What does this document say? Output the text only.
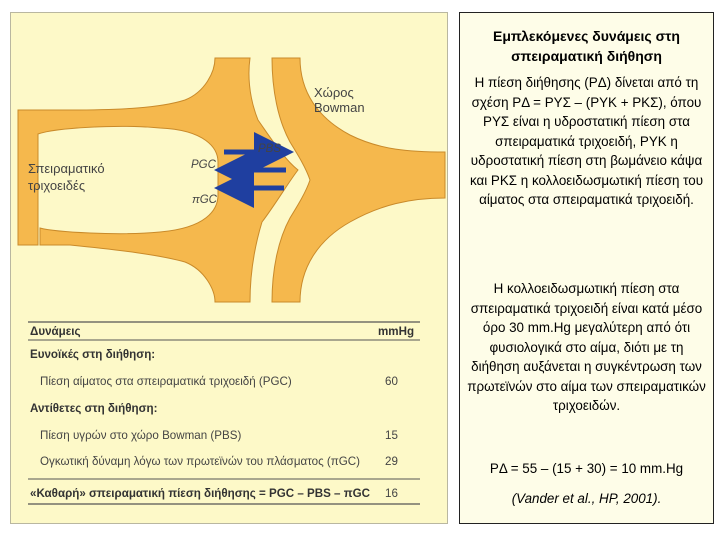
Χώρος
Bowman
Σπειραματικό
τριχοειδές
PBS
PGC
πGC
Δυνάμεις	mmHg
Ευνοϊκές στη διήθηση:
Πίεση αίματος στα σπειραματικά τριχοειδή (PGC)	60
Αντίθετες στη διήθηση:
Πίεση υγρών στο χώρο Bowman (PBS)	15
Ογκωτική δύναμη λόγω των πρωτεϊνών του πλάσματος (πGC) 29
«Καθαρή» σπειραματική πίεση διήθησης = PGC – PBS – πGC 16
Εμπλεκόμενες δυνάμεις στη σπειραματική διήθηση
Η πίεση διήθησης (PΔ) δίνεται από τη σχέση PΔ = PΥΣ – (PΥΚ + PΚΣ), όπου PΥΣ είναι η υδροστατική πίεση στα σπειραματικά τριχοειδή, PΥΚ η υδροστατική πίεση στη βωμάνειο κάψα και PΚΣ η κολλοειδωσμωτική πίεση του αίματος στα σπειραματικά τριχοειδή.
Η κολλοειδωσμωτική πίεση στα σπειραματικά τριχοειδή είναι κατά μέσο όρο 30 mm.Hg μεγαλύτερη από ότι φυσιολογικά στο αίμα, διότι με τη διήθηση αυξάνεται η συγκέντρωση των πρωτεϊνών στο αίμα των σπειραματικών τριχοειδών.
PΔ = 55 – (15 + 30) = 10 mm.Hg
(Vander et al., HP, 2001).
